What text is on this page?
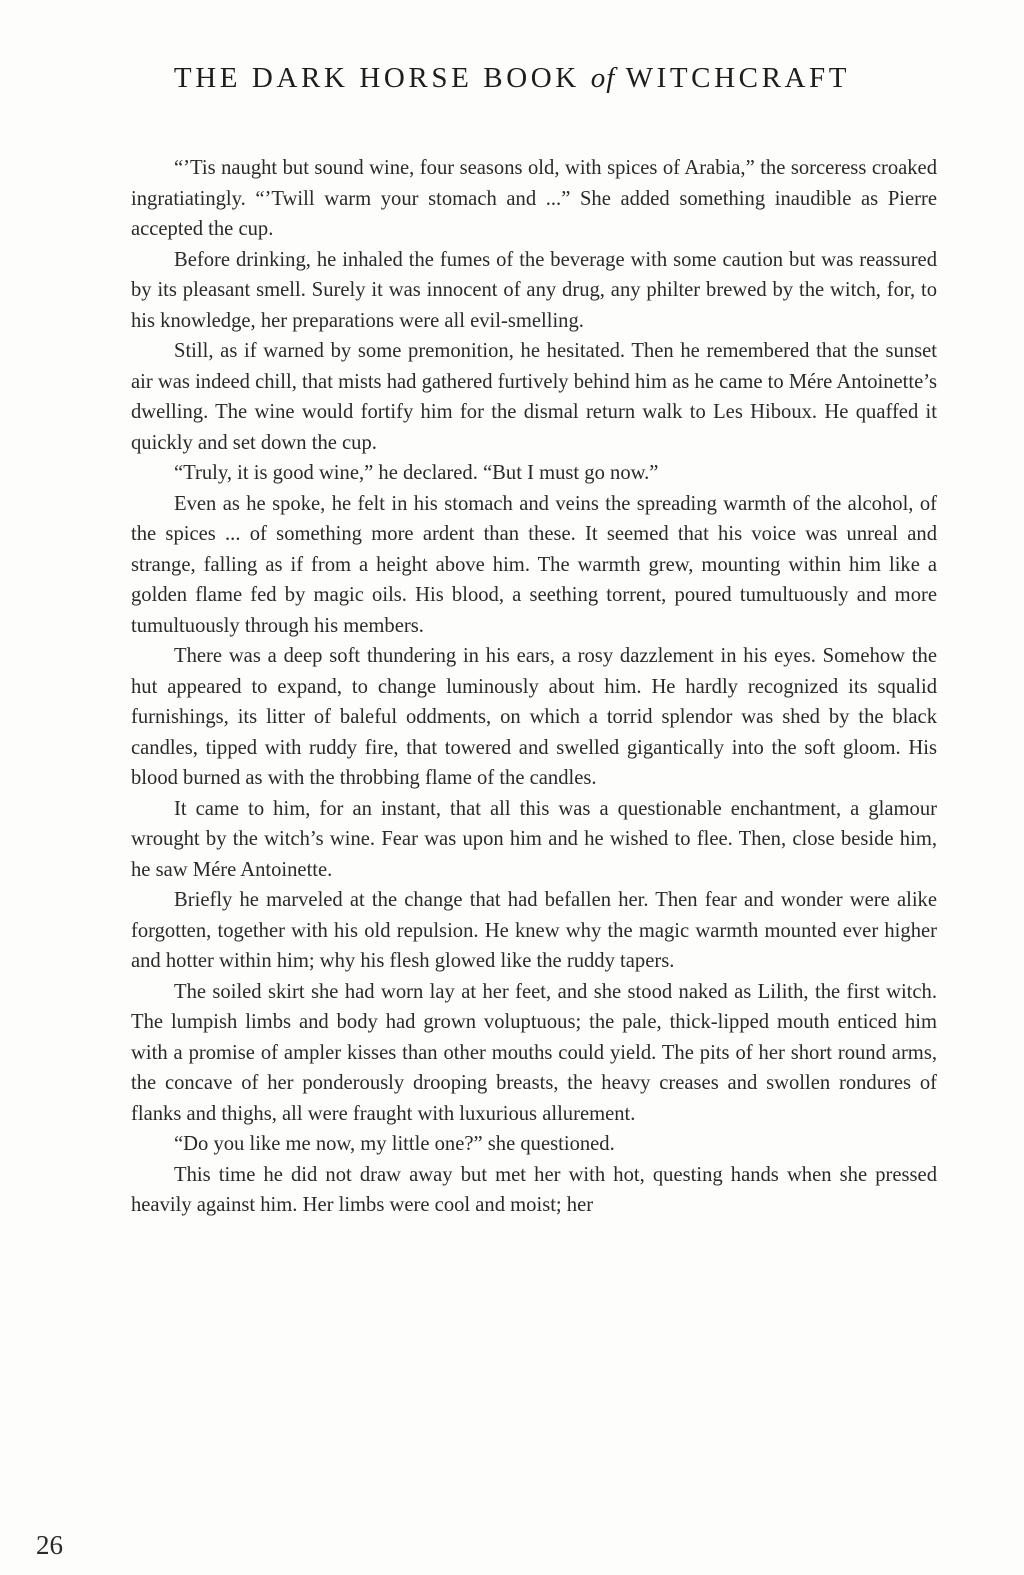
THE DARK HORSE BOOK of WITCHCRAFT

“’Tis naught but sound wine, four seasons old, with spices of Arabia,” the sorceress croaked ingratiatingly. “’Twill warm your stomach and ...” She added something inaudible as Pierre accepted the cup.

Before drinking, he inhaled the fumes of the beverage with some caution but was reassured by its pleasant smell. Surely it was innocent of any drug, any philter brewed by the witch, for, to his knowledge, her preparations were all evil-smelling.

Still, as if warned by some premonition, he hesitated. Then he remembered that the sunset air was indeed chill, that mists had gathered furtively behind him as he came to Mére Antoinette’s dwelling. The wine would fortify him for the dismal return walk to Les Hiboux. He quaffed it quickly and set down the cup.

“Truly, it is good wine,” he declared. “But I must go now.”

Even as he spoke, he felt in his stomach and veins the spreading warmth of the alcohol, of the spices ... of something more ardent than these. It seemed that his voice was unreal and strange, falling as if from a height above him. The warmth grew, mounting within him like a golden flame fed by magic oils. His blood, a seething torrent, poured tumultuously and more tumultuously through his members.

There was a deep soft thundering in his ears, a rosy dazzlement in his eyes. Somehow the hut appeared to expand, to change luminously about him. He hardly recognized its squalid furnishings, its litter of baleful oddments, on which a torrid splendor was shed by the black candles, tipped with ruddy fire, that towered and swelled gigantically into the soft gloom. His blood burned as with the throbbing flame of the candles.

It came to him, for an instant, that all this was a questionable enchantment, a glamour wrought by the witch’s wine. Fear was upon him and he wished to flee. Then, close beside him, he saw Mére Antoinette.

Briefly he marveled at the change that had befallen her. Then fear and wonder were alike forgotten, together with his old repulsion. He knew why the magic warmth mounted ever higher and hotter within him; why his flesh glowed like the ruddy tapers.

The soiled skirt she had worn lay at her feet, and she stood naked as Lilith, the first witch. The lumpish limbs and body had grown voluptuous; the pale, thick-lipped mouth enticed him with a promise of ampler kisses than other mouths could yield. The pits of her short round arms, the concave of her ponderously drooping breasts, the heavy creases and swollen rondures of flanks and thighs, all were fraught with luxurious allurement.

“Do you like me now, my little one?” she questioned.

This time he did not draw away but met her with hot, questing hands when she pressed heavily against him. Her limbs were cool and moist; her

26
